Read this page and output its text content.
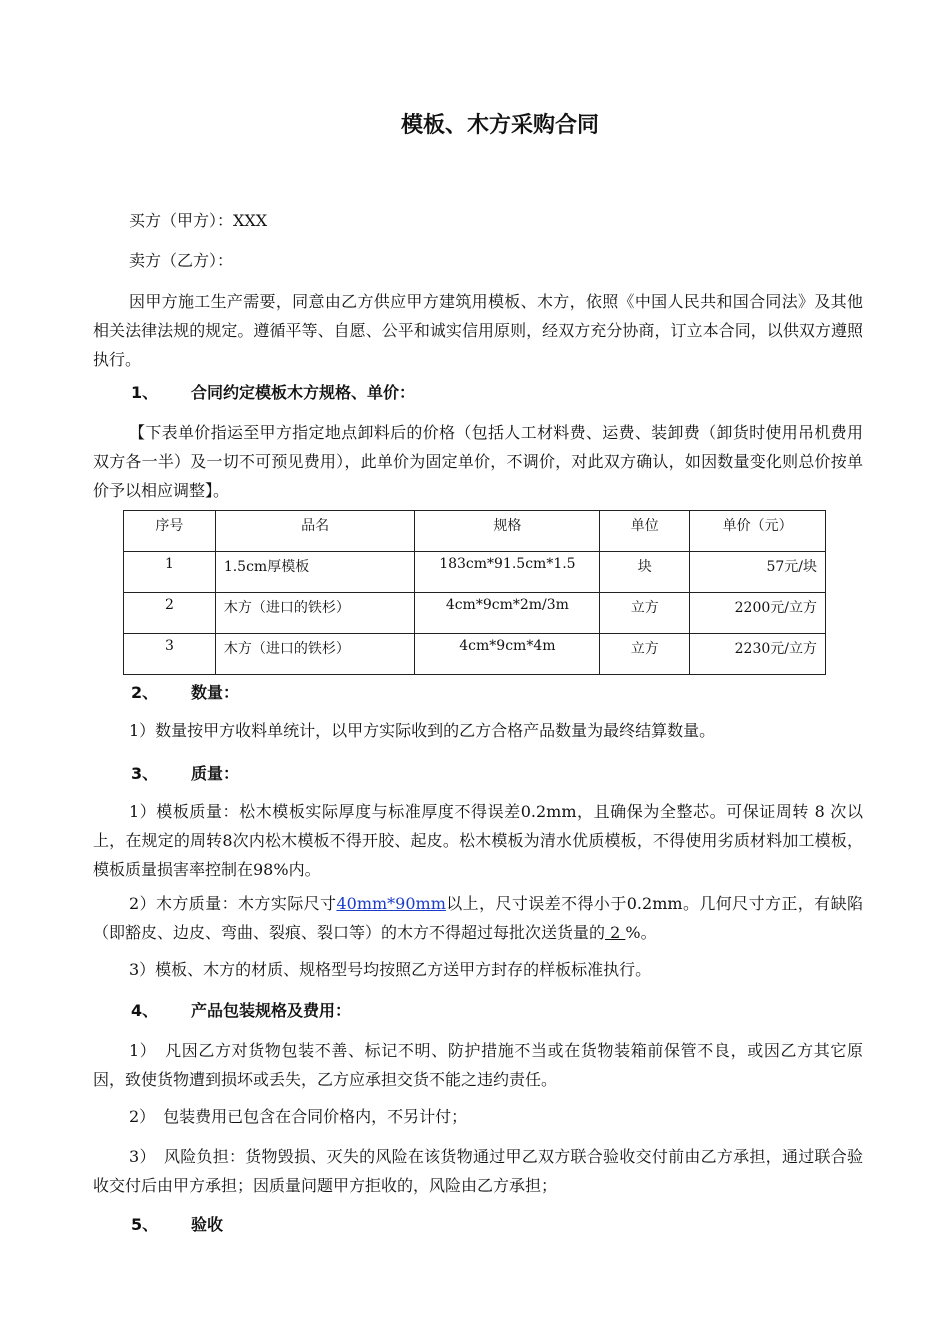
模板、木方采购合同
买方（甲方）：XXX
卖方（乙方）：
因甲方施工生产需要，同意由乙方供应甲方建筑用模板、木方，依照《中国人民共和国合同法》及其他相关法律法规的规定。遵循平等、自愿、公平和诚实信用原则，经双方充分协商，订立本合同，以供双方遵照执行。
1、 合同约定模板木方规格、单价：
【下表单价指运至甲方指定地点卸料后的价格（包括人工材料费、运费、装卸费（卸货时使用吊机费用双方各一半）及一切不可预见费用），此单价为固定单价，不调价，对此双方确认，如因数量变化则总价按单价予以相应调整】。
序号	品名	规格	单位	单价（元）
1	1.5cm厚模板	183cm*91.5cm*1.5	块	57元/块
2	木方（进口的铁杉）	4cm*9cm*2m/3m	立方	2200元/立方
3	木方（进口的铁杉）	4cm*9cm*4m	立方	2230元/立方
2、 数量：
1）数量按甲方收料单统计，以甲方实际收到的乙方合格产品数量为最终结算数量。
3、 质量：
1）模板质量：松木模板实际厚度与标准厚度不得误差0.2mm，且确保为全整芯。可保证周转 8 次以上，在规定的周转8次内松木模板不得开胶、起皮。松木模板为清水优质模板，不得使用劣质材料加工模板，模板质量损害率控制在98%内。
2）木方质量：木方实际尺寸40mm*90mm以上，尺寸误差不得小于0.2mm。几何尺寸方正，有缺陷（即豁皮、边皮、弯曲、裂痕、裂口等）的木方不得超过每批次送货量的 2 %。
3）模板、木方的材质、规格型号均按照乙方送甲方封存的样板标准执行。
4、 产品包装规格及费用：
1）　凡因乙方对货物包装不善、标记不明、防护措施不当或在货物装箱前保管不良，或因乙方其它原因，致使货物遭到损坏或丢失，乙方应承担交货不能之违约责任。
2）　包装费用已包含在合同价格内，不另计付；
3）　风险负担：货物毁损、灭失的风险在该货物通过甲乙双方联合验收交付前由乙方承担，通过联合验收交付后由甲方承担；因质量问题甲方拒收的，风险由乙方承担；
5、 验收
